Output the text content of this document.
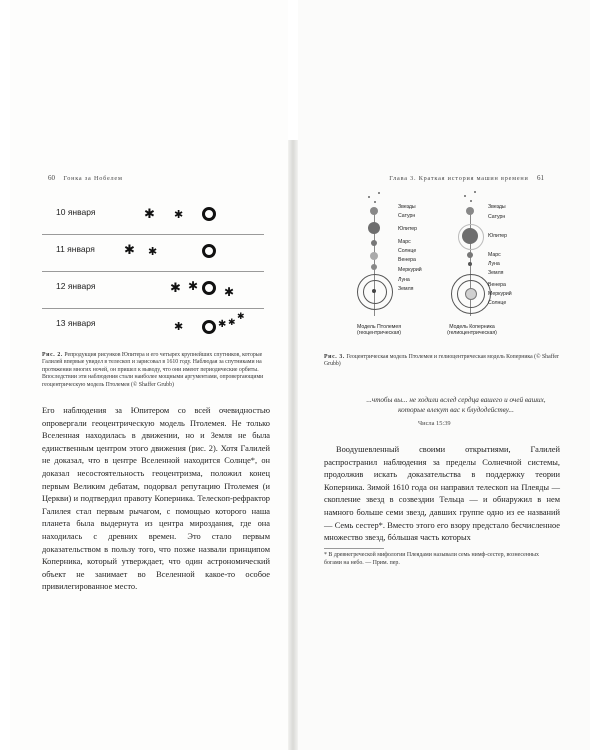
60 Гонка за Нобелем
10 января	✱ ✱
11 января ✱ ✱
12 января	✱ ✱ ✱
13 января	✱	✱ ✱
✱
Рис. 2. Репродукция рисунков Юпитера и его четырех крупнейших спутников, которые Галилей впервые увидел в телескоп и зарисовал в 1610 году. Наблюдая за спутниками на протяжении многих ночей, он пришел к выводу, что они имеют периодические орбиты. Впоследствии эти наблюдения стали наиболее мощными аргументами, опровергающими геоцентрическую модель Птолемея (© Shaffer Grubb)
Его наблюдения за Юпитером со всей очевидностью опровергали геоцентрическую модель Птолемея. Не только Вселенная находилась в движении, но и Земля не была единственным центром этого движения (рис. 2). Хотя Галилей не доказал, что в центре Вселенной находится Солнце*, он доказал несостоятельность геоцентризма, положил конец первым Великим дебатам, подорвал репутацию Птолемея (и Церкви) и подтвердил правоту Коперника. Телескоп-рефрактор Галилея стал первым рычагом, с помощью которого наша планета была выдернута из центра мироздания, где она находилась с древних времен. Это стало первым доказательством в пользу того, что позже назвали принципом Коперника, который утверждает, что один астрономический объект не занимает во Вселенной какое-то особое привилегированное место.
Глава 3. Краткая история машин времени 61
Звезды
Сатурн
Юпитер
Марс
Солнце
Венера
Меркурий
Луна
Земля
Модель Птолемея
(геоцентрическая)
Звезды
Сатурн
Юпитер
Марс
Луна
Земля
Венера
Меркурий
Солнце
Модель Коперника
(гелиоцентрическая)
Рис. 3. Геоцентрическая модель Птолемея и гелиоцентрическая модель Коперника (© Shaffer Grubb)
...чтобы вы... не ходили вслед сердца вашего и очей ваших, которые влекут вас к блудодейству...
Числа 15:39
Воодушевленный своими открытиями, Галилей распространил наблюдения за пределы Солнечной системы, продолжив искать доказательства в поддержку теории Коперника. Зимой 1610 года он направил телескоп на Плеяды — скопление звезд в созвездии Тельца — и обнаружил в нем намного больше семи звезд, давших группе одно из ее названий — Семь сестер*. Вместо этого его взору предстало бесчисленное множество звезд, бóльшая часть которых
* В древнегреческой мифологии Плеядами называли семь нимф-сестер, вознесенных богами на небо. — Прим. пер.
